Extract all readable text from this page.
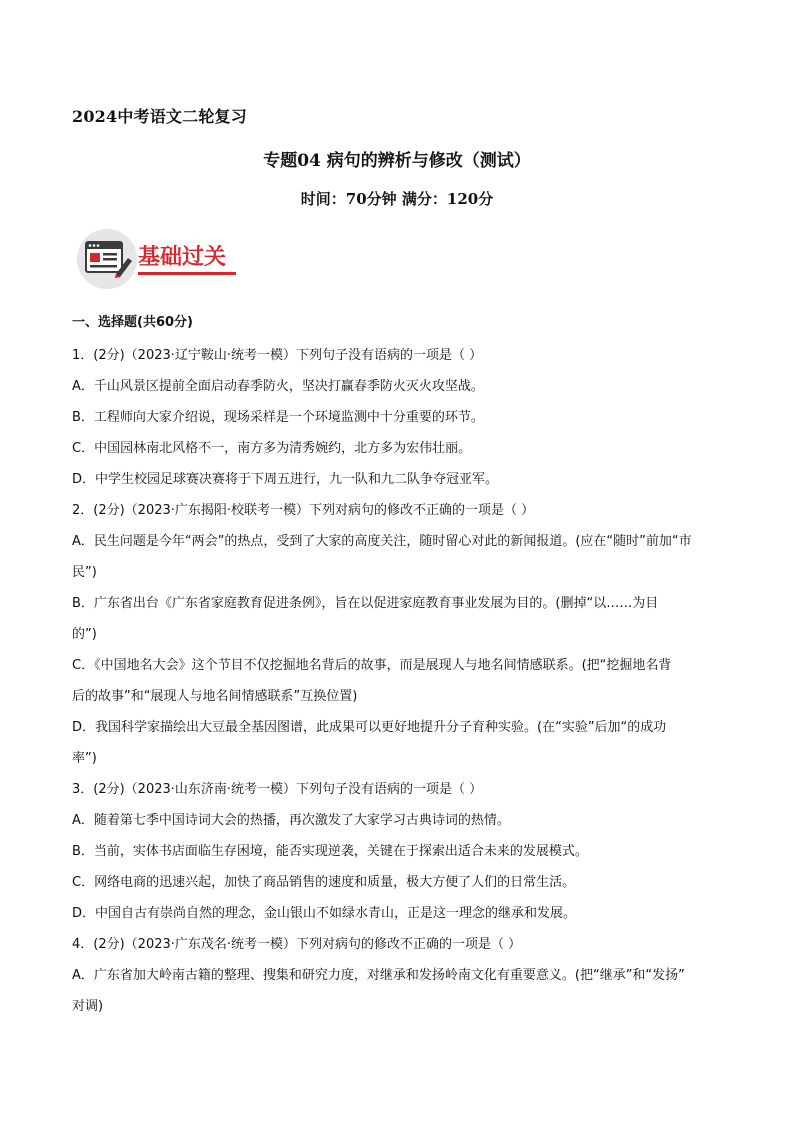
2024中考语文二轮复习
专题04 病句的辨析与修改（测试）
时间：70分钟 满分：120分
基础过关
一、选择题(共60分)
1．(2分)（2023·辽宁鞍山·统考一模）下列句子没有语病的一项是（ ）
A．千山风景区提前全面启动春季防火，坚决打赢春季防火灭火攻坚战。
B．工程师向大家介绍说，现场采样是一个环境监测中十分重要的环节。
C．中国园林南北风格不一，南方多为清秀婉约，北方多为宏伟壮丽。
D．中学生校园足球赛决赛将于下周五进行，九一队和九二队争夺冠亚军。
2．(2分)（2023·广东揭阳·校联考一模）下列对病句的修改不正确的一项是（ ）
A．民生问题是今年“两会”的热点，受到了大家的高度关注，随时留心对此的新闻报道。(应在“随时”前加“市
民”)
B．广东省出台《广东省家庭教育促进条例》，旨在以促进家庭教育事业发展为目的。(删掉“以……为目
的”)
C．《中国地名大会》这个节目不仅挖掘地名背后的故事，而是展现人与地名间情感联系。(把“挖掘地名背
后的故事”和“展现人与地名间情感联系”互换位置)
D．我国科学家描绘出大豆最全基因图谱，此成果可以更好地提升分子育种实验。(在“实验”后加“的成功
率”)
3．(2分)（2023·山东济南·统考一模）下列句子没有语病的一项是（ ）
A．随着第七季中国诗词大会的热播，再次激发了大家学习古典诗词的热情。
B．当前，实体书店面临生存困境，能否实现逆袭，关键在于探索出适合未来的发展模式。
C．网络电商的迅速兴起，加快了商品销售的速度和质量，极大方便了人们的日常生活。
D．中国自古有崇尚自然的理念，金山银山不如绿水青山，正是这一理念的继承和发展。
4．(2分)（2023·广东茂名·统考一模）下列对病句的修改不正确的一项是（ ）
A．广东省加大岭南古籍的整理、搜集和研究力度，对继承和发扬岭南文化有重要意义。(把“继承”和“发扬”
对调)
